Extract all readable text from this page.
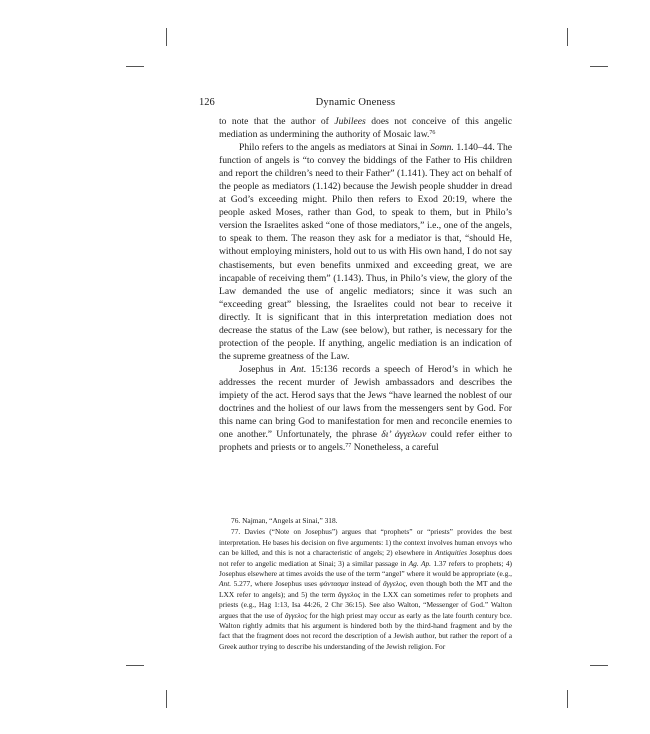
126	Dynamic Oneness

to note that the author of Jubilees does not conceive of this angelic mediation as undermining the authority of Mosaic law.$^{76}$

Philo refers to the angels as mediators at Sinai in Somn. 1.140–44. The function of angels is “to convey the biddings of the Father to His children and report the children’s need to their Father” (1.141). They act on behalf of the people as mediators (1.142) because the Jewish people shudder in dread at God’s exceeding might. Philo then refers to Exod 20:19, where the people asked Moses, rather than God, to speak to them, but in Philo’s version the Israelites asked “one of those mediators,” i.e., one of the angels, to speak to them. The reason they ask for a mediator is that, “should He, without employing ministers, hold out to us with His own hand, I do not say chastisements, but even benefits unmixed and exceeding great, we are incapable of receiving them” (1.143). Thus, in Philo’s view, the glory of the Law demanded the use of angelic mediators; since it was such an “exceeding great” blessing, the Israelites could not bear to receive it directly. It is significant that in this interpretation mediation does not decrease the status of the Law (see below), but rather, is necessary for the protection of the people. If anything, angelic mediation is an indication of the supreme greatness of the Law.

Josephus in Ant. 15:136 records a speech of Herod’s in which he addresses the recent murder of Jewish ambassadors and describes the impiety of the act. Herod says that the Jews “have learned the noblest of our doctrines and the holiest of our laws from the messengers sent by God. For this name can bring God to manifestation for men and reconcile enemies to one another.” Unfortunately, the phrase δι’ ἀγγελων could refer either to prophets and priests or to angels.$^{77}$ Nonetheless, a careful

76. Najman, “Angels at Sinai,” 318.

77. Davies (“Note on Josephus”) argues that “prophets” or “priests” provides the best interpretation. He bases his decision on five arguments: 1) the context involves human envoys who can be killed, and this is not a characteristic of angels; 2) elsewhere in Antiquities Josephus does not refer to angelic mediation at Sinai; 3) a similar passage in Ag. Ap. 1.37 refers to prophets; 4) Josephus elsewhere at times avoids the use of the term “angel” where it would be appropriate (e.g., Ant. 5.277, where Josephus uses φάντασμα instead of ἄγγελος, even though both the MT and the LXX refer to angels); and 5) the term ἄγγελος in the LXX can sometimes refer to prophets and priests (e.g., Hag 1:13, Isa 44:26, 2 Chr 36:15). See also Walton, “Messenger of God.” Walton argues that the use of ἄγγελος for the high priest may occur as early as the late fourth century bce. Walton rightly admits that his argument is hindered both by the third-hand fragment and by the fact that the fragment does not record the description of a Jewish author, but rather the report of a Greek author trying to describe his understanding of the Jewish religion. For
